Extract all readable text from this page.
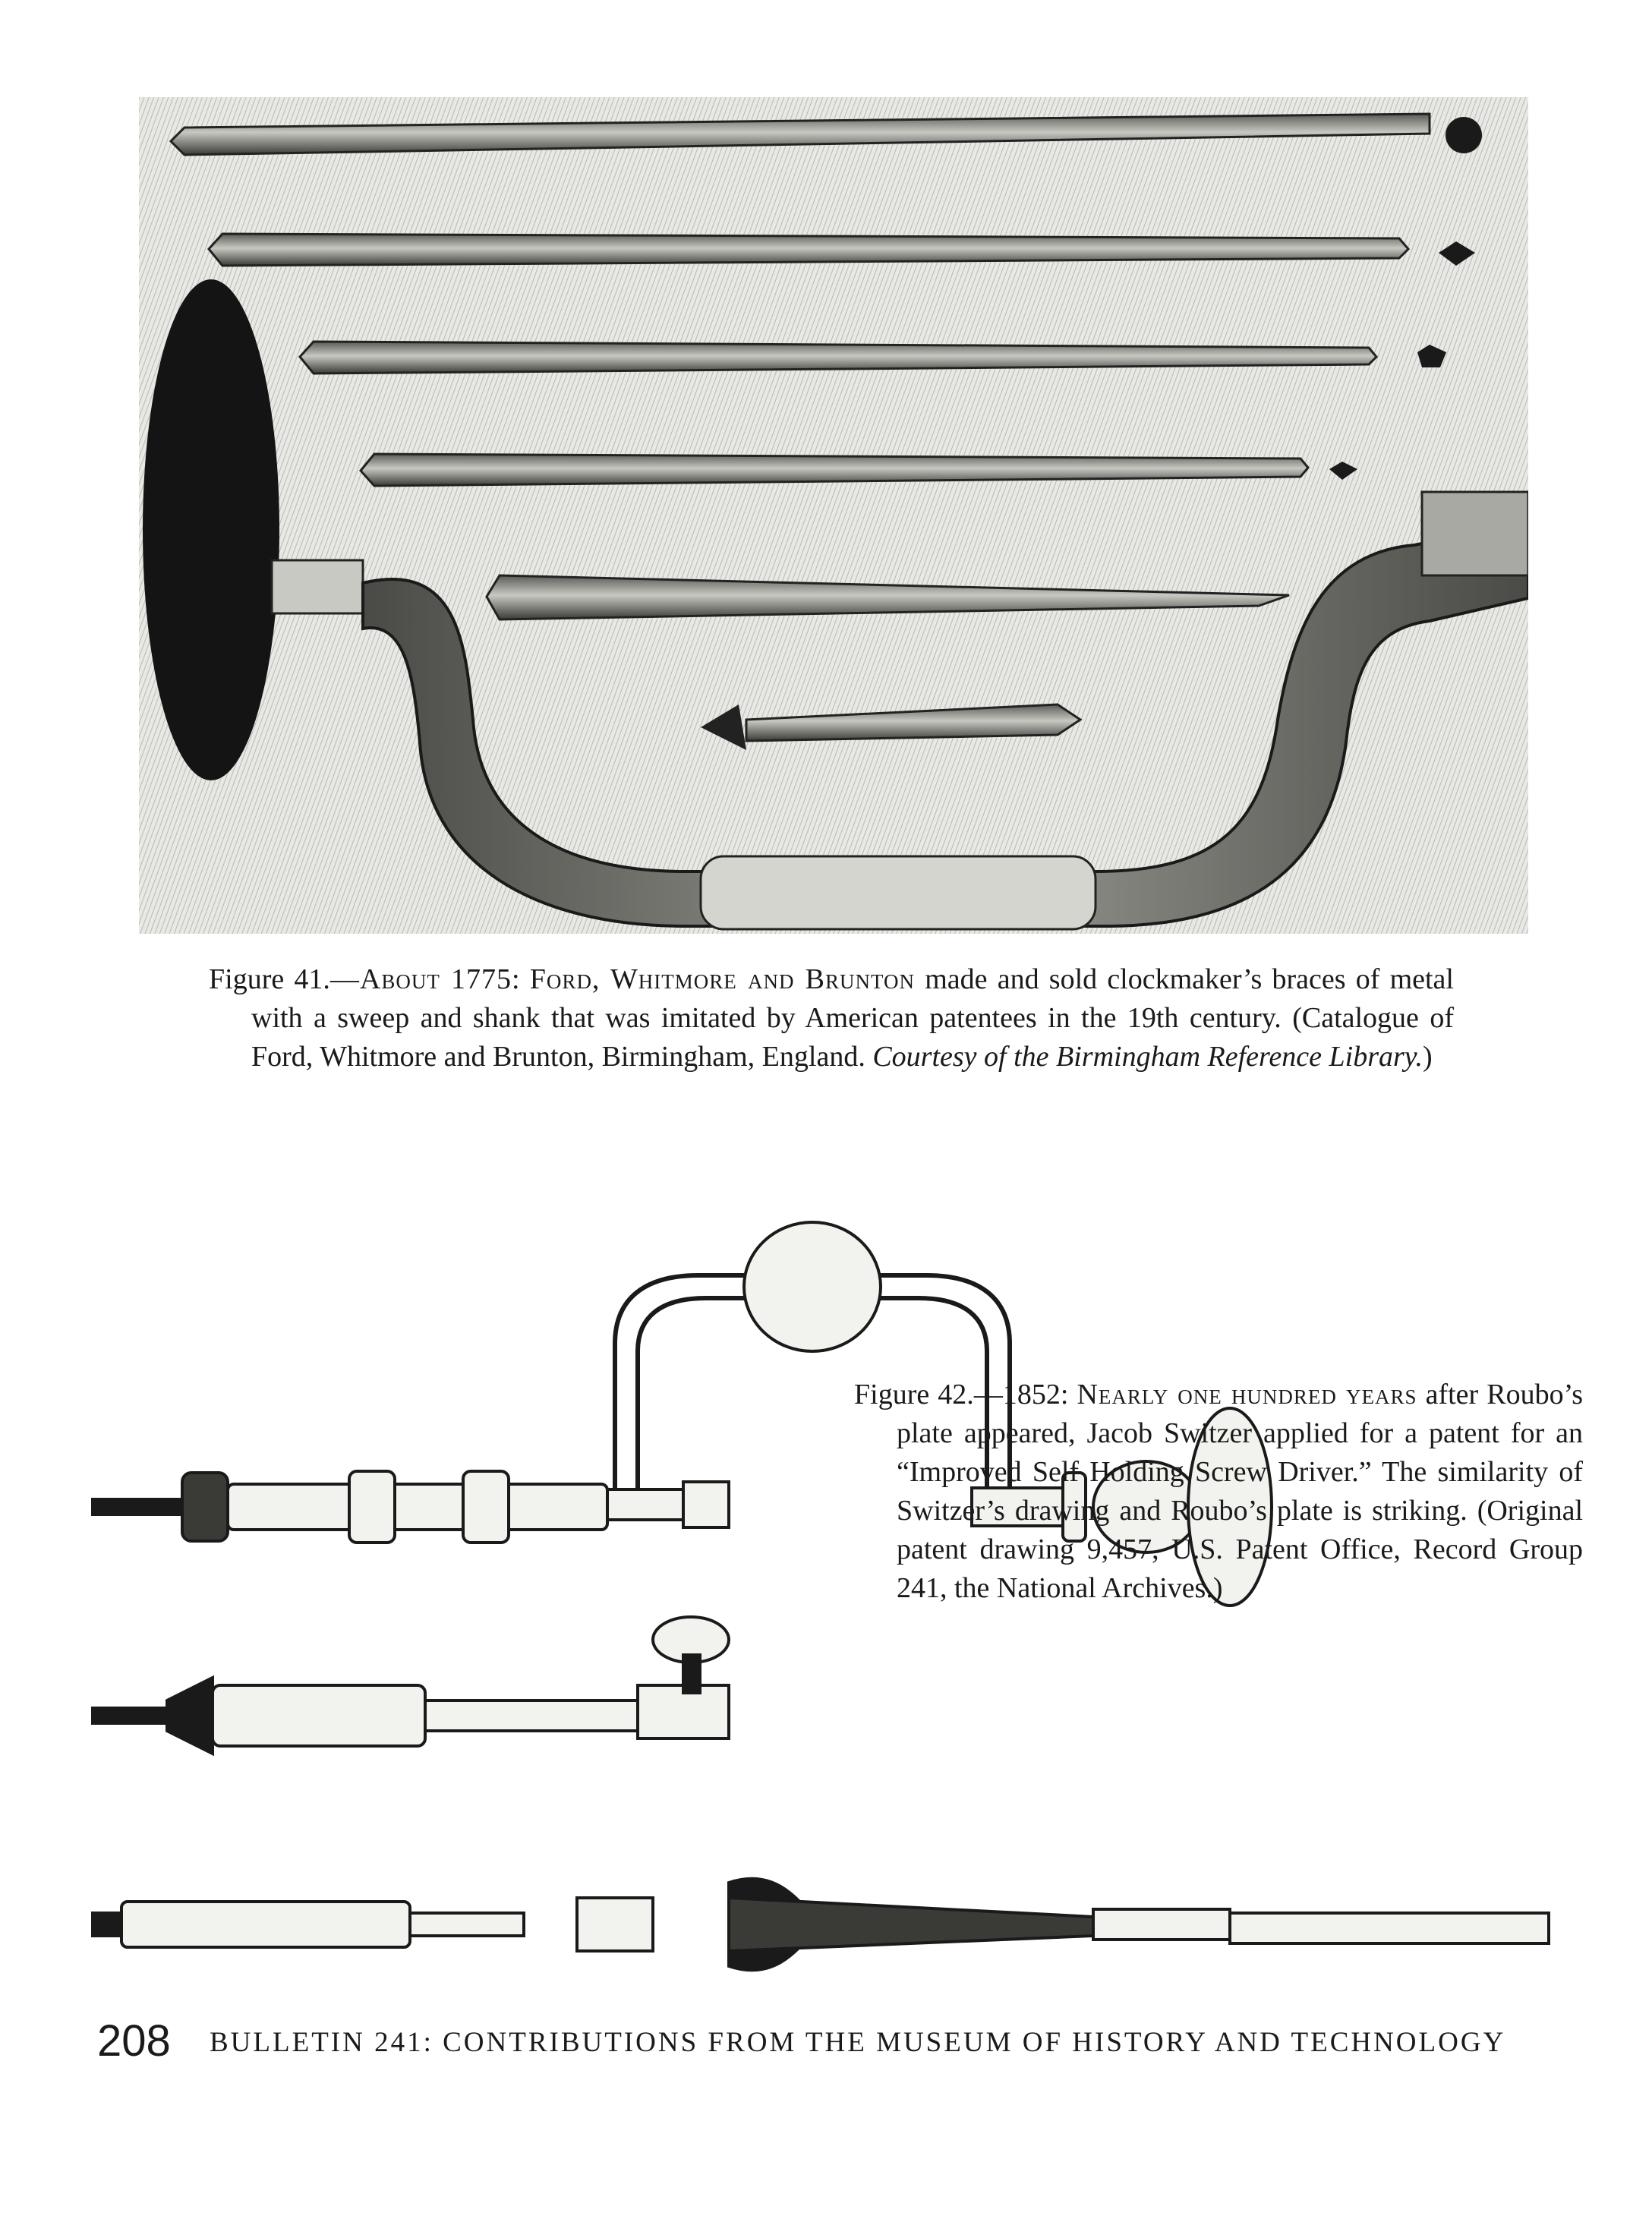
Figure 41.—About 1775: Ford, Whitmore and Brunton made and sold clockmaker’s braces of metal with a sweep and shank that was imitated by American patentees in the 19th century. (Catalogue of Ford, Whitmore and Brunton, Birmingham, England. Courtesy of the Birmingham Reference Library.)
Figure 42.—1852: Nearly one hundred years after Roubo’s plate appeared, Jacob Switzer applied for a patent for an “Improved Self Holding Screw Driver.” The similarity of Switzer’s drawing and Roubo’s plate is striking. (Original patent drawing 9,457, U.S. Patent Office, Record Group 241, the National Archives.)
208 BULLETIN 241: CONTRIBUTIONS FROM THE MUSEUM OF HISTORY AND TECHNOLOGY
